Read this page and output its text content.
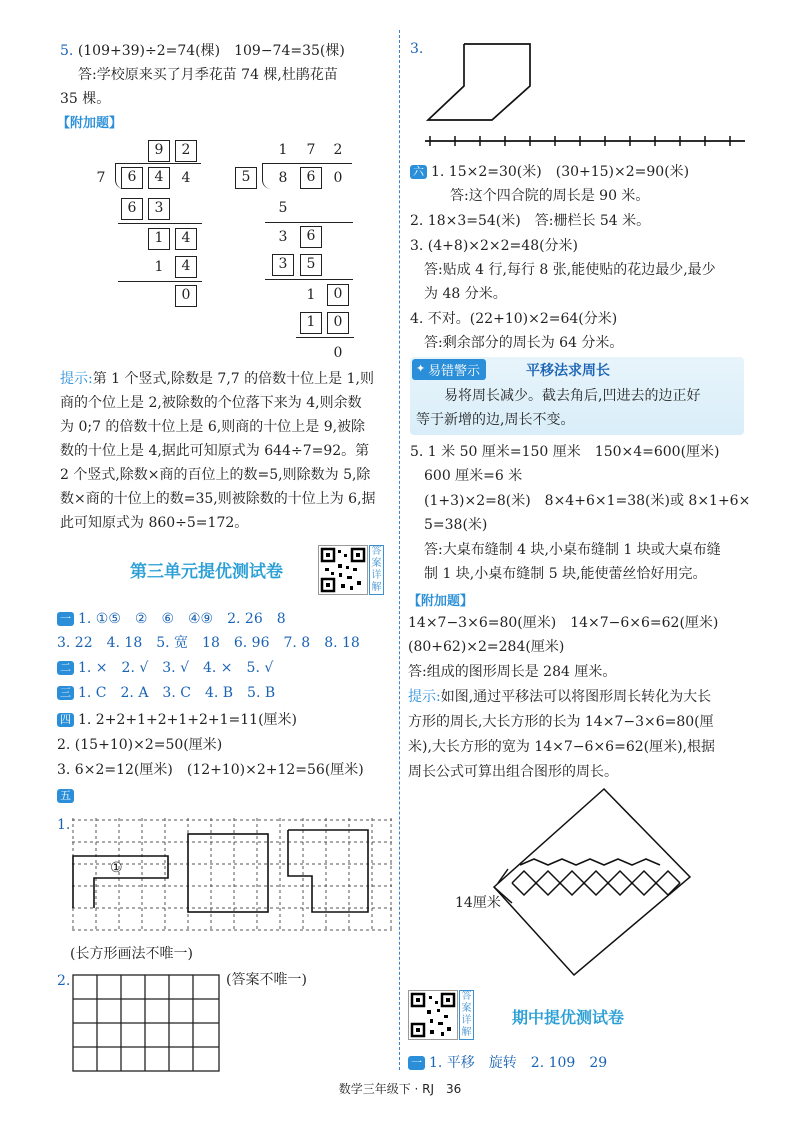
5. (109+39)÷2=74(棵)　109−74=35(棵)
答:学校原来买了月季花苗 74 棵,杜鹃花苗
35 棵。
【附加题】
9	2
7	6	4	4
6	3
1	4
1	4
0
1	7	2
5	8	6	0
5
3	6
3	5
1	0
1	0
0
提示:第 1 个竖式,除数是 7,7 的倍数十位上是 1,则
商的个位上是 2,被除数的个位落下来为 4,则余数
为 0;7 的倍数十位上是 6,则商的十位上是 9,被除
数的十位上是 4,据此可知原式为 644÷7=92。第
2 个竖式,除数×商的百位上的数=5,则除数为 5,除
数×商的十位上的数=35,则被除数的十位上为 6,据
此可知原式为 860÷5=172。
第三单元提优测试卷
答
案
详
解
一 1. ①⑤　②　⑥　④⑨　2. 26　8
3. 22　4. 18　5. 宽　18　6. 96　7. 8　8. 18
二 1. ×　2. √　3. √　4. ×　5. √
三 1. C　2. A　3. C　4. B　5. B
四 1. 2+2+1+2+1+2+1=11(厘米)
2. (15+10)×2=50(厘米)
3. 6×2=12(厘米)　(12+10)×2+12=56(厘米)
五
1.
①
(长方形画法不唯一)
2.	(答案不唯一)
3.
六 1. 15×2=30(米)　(30+15)×2=90(米)
答:这个四合院的周长是 90 米。
2. 18×3=54(米)　答:栅栏长 54 米。
3. (4+8)×2×2=48(分米)
答:贴成 4 行,每行 8 张,能使贴的花边最少,最少
为 48 分米。
4. 不对。(22+10)×2=64(分米)
答:剩余部分的周长为 64 分米。
易错警示
✦	平移法求周长
易将周长减少。截去角后,凹进去的边正好
等于新增的边,周长不变。
5. 1 米 50 厘米=150 厘米　150×4=600(厘米)
600 厘米=6 米
(1+3)×2=8(米)　8×4+6×1=38(米)或 8×1+6×
5=38(米)
答:大桌布缝制 4 块,小桌布缝制 1 块或大桌布缝
制 1 块,小桌布缝制 5 块,能使蕾丝恰好用完。
【附加题】
14×7−3×6=80(厘米)　14×7−6×6=62(厘米)
(80+62)×2=284(厘米)
答:组成的图形周长是 284 厘米。
提示:如图,通过平移法可以将图形周长转化为大长
方形的周长,大长方形的长为 14×7−3×6=80(厘
米),大长方形的宽为 14×7−6×6=62(厘米),根据
周长公式可算出组合图形的周长。
14厘米
答
案
详
解
期中提优测试卷
一 1. 平移　旋转　2. 109　29
数学三年级下 · RJ　36
